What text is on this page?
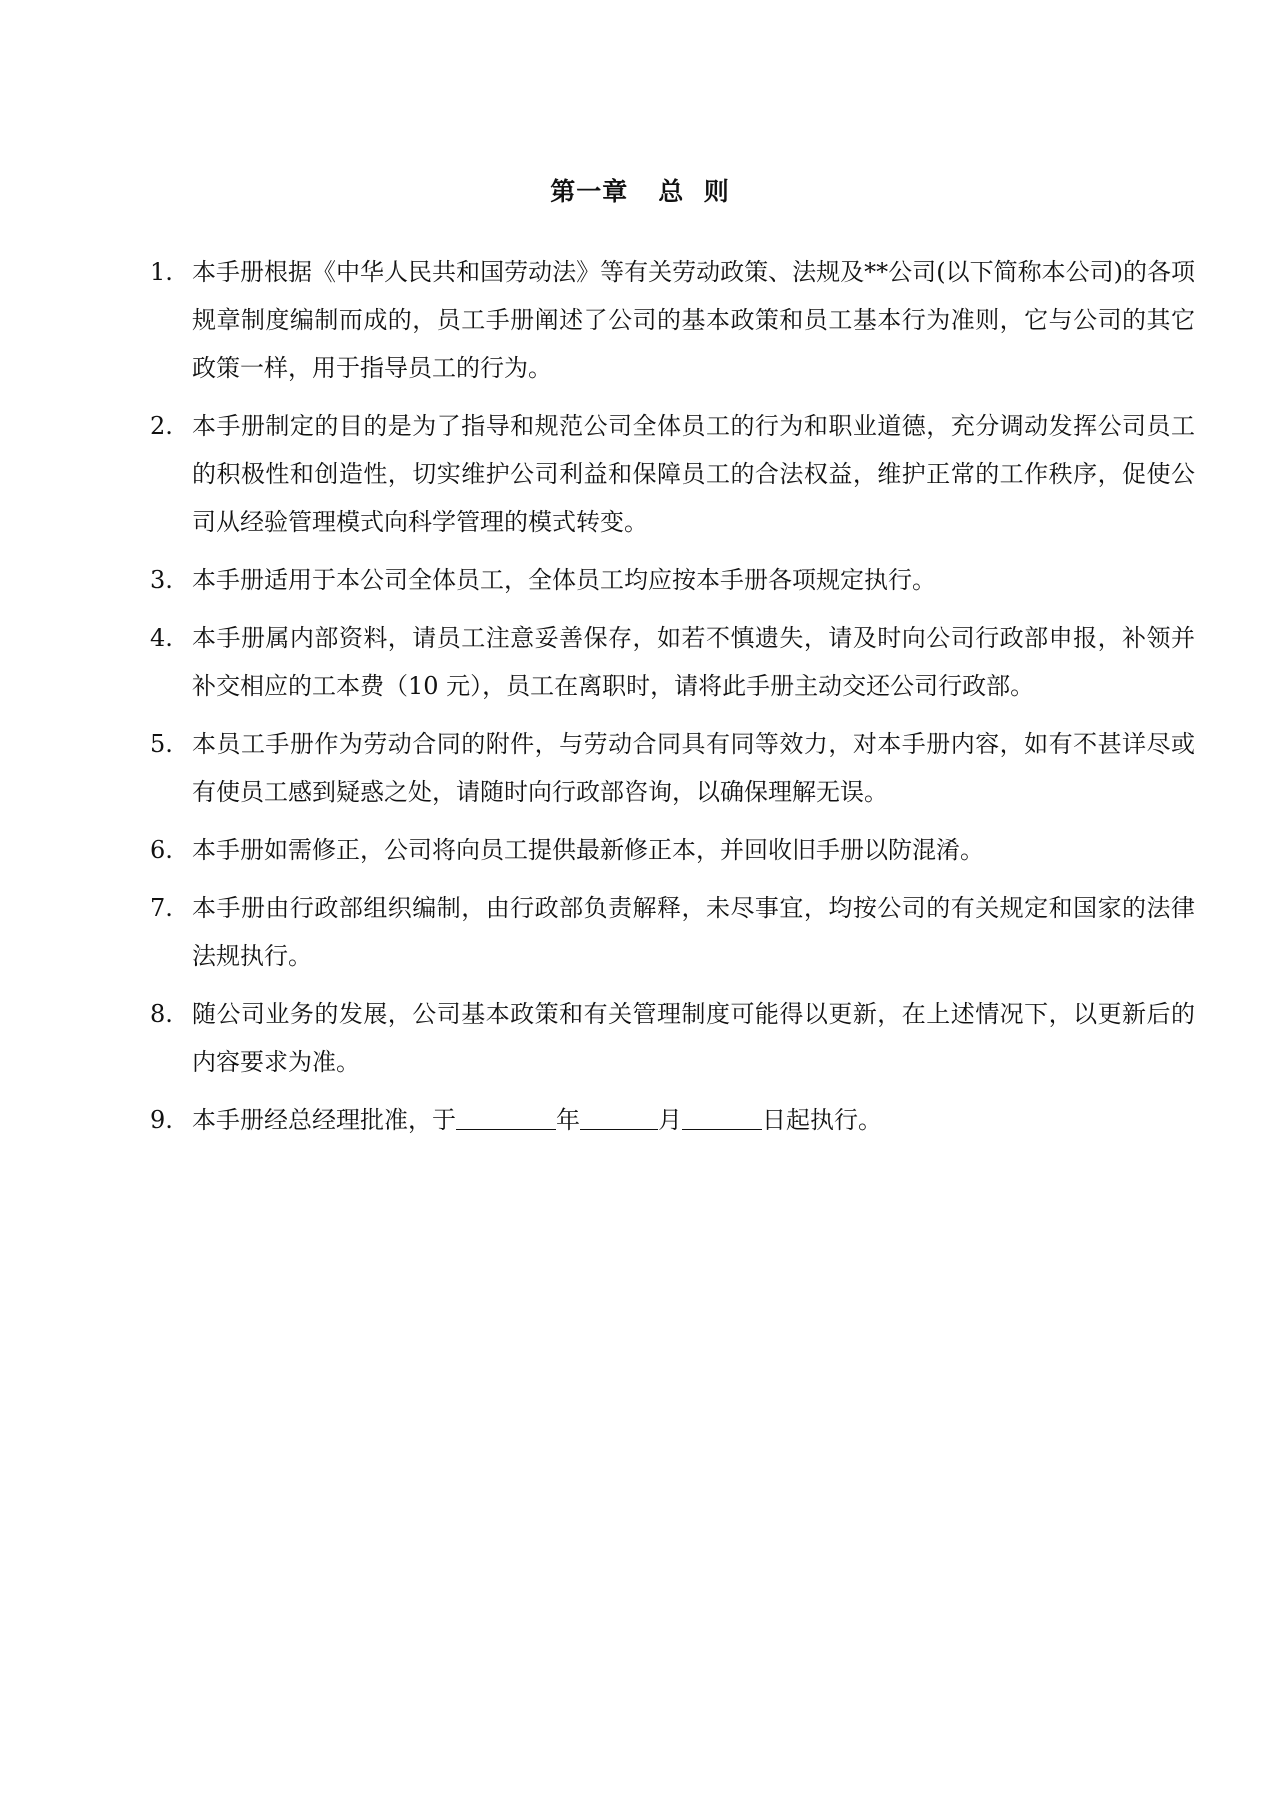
第一章 总  则
1. 本手册根据《中华人民共和国劳动法》等有关劳动政策、法规及**公司(以下简称本公司)的各项规章制度编制而成的，员工手册阐述了公司的基本政策和员工基本行为准则，它与公司的其它政策一样，用于指导员工的行为。
2. 本手册制定的目的是为了指导和规范公司全体员工的行为和职业道德，充分调动发挥公司员工的积极性和创造性，切实维护公司利益和保障员工的合法权益，维护正常的工作秩序，促使公司从经验管理模式向科学管理的模式转变。
3. 本手册适用于本公司全体员工，全体员工均应按本手册各项规定执行。
4. 本手册属内部资料，请员工注意妥善保存，如若不慎遗失，请及时向公司行政部申报，补领并补交相应的工本费（10 元），员工在离职时，请将此手册主动交还公司行政部。
5. 本员工手册作为劳动合同的附件，与劳动合同具有同等效力，对本手册内容，如有不甚详尽或有使员工感到疑惑之处，请随时向行政部咨询，以确保理解无误。
6. 本手册如需修正，公司将向员工提供最新修正本，并回收旧手册以防混淆。
7. 本手册由行政部组织编制，由行政部负责解释，未尽事宜，均按公司的有关规定和国家的法律法规执行。
8. 随公司业务的发展，公司基本政策和有关管理制度可能得以更新，在上述情况下，以更新后的内容要求为准。
9. 本手册经总经理批准，于	年	月	日起执行。
